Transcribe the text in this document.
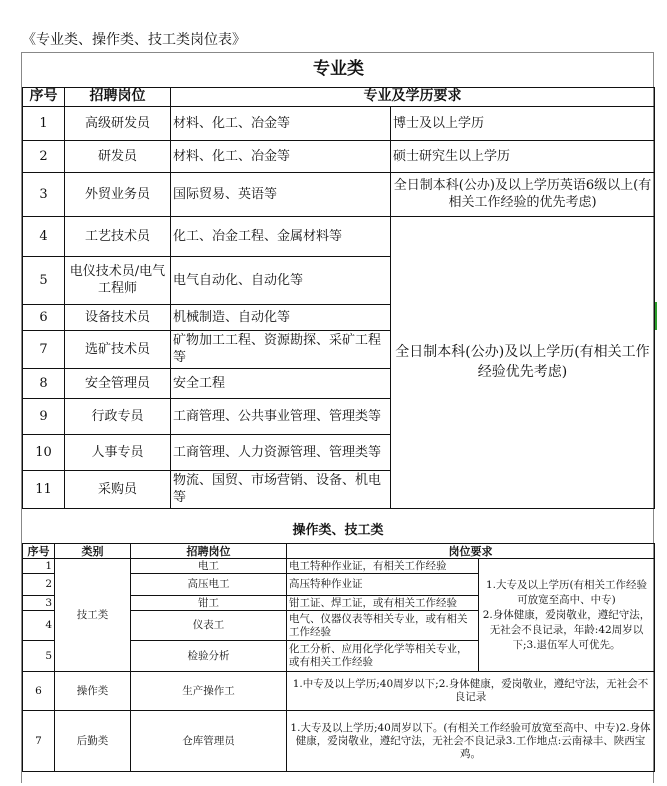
《专业类、操作类、技工类岗位表》
专业类			
序号	招聘岗位	专业及学历要求	
1	高级研发员	材料、化工、冶金等	博士及以上学历
2	研发员	材料、化工、冶金等	硕士研究生以上学历
3	外贸业务员	国际贸易、英语等	全日制本科(公办)及以上学历英语6级以上(有相关工作经验的优先考虑)
4	工艺技术员	化工、冶金工程、金属材料等	全日制本科(公办)及以上学历(有相关工作经验优先考虑)
5	电仪技术员/电气工程师	电气自动化、自动化等	
6	设备技术员	机械制造、自动化等	
7	选矿技术员	矿物加工工程、资源勘探、采矿工程等	
8	安全管理员	安全工程	
9	行政专员	工商管理、公共事业管理、管理类等	
10	人事专员	工商管理、人力资源管理、管理类等	
11	采购员	物流、国贸、市场营销、设备、机电等	
操作类、技工类
序号	类别	招聘岗位	岗位要求	
1	技工类	电工	电工特种作业证，有相关工作经验	1.大专及以上学历(有相关工作经验可放宽至高中、中专)
2.身体健康，爱岗敬业，遵纪守法，无社会不良记录，年龄:42周岁以下;3.退伍军人可优先。
2		高压电工	高压特种作业证	
3		钳工	钳工证、焊工证，或有相关工作经验	
4		仪表工	电气、仪器仪表等相关专业，或有相关工作经验	
5		检验分析	化工分析、应用化学化学等相关专业，或有相关工作经验	
6	操作类	生产操作工	1.中专及以上学历;40周岁以下;2.身体健康，爱岗敬业，遵纪守法，无社会不良记录	
7	后勤类	仓库管理员	1.大专及以上学历;40周岁以下。(有相关工作经验可放宽至高中、中专)2.身体健康，爱岗敬业，遵纪守法，无社会不良记录3.工作地点:云南禄丰、陕西宝鸡。	
